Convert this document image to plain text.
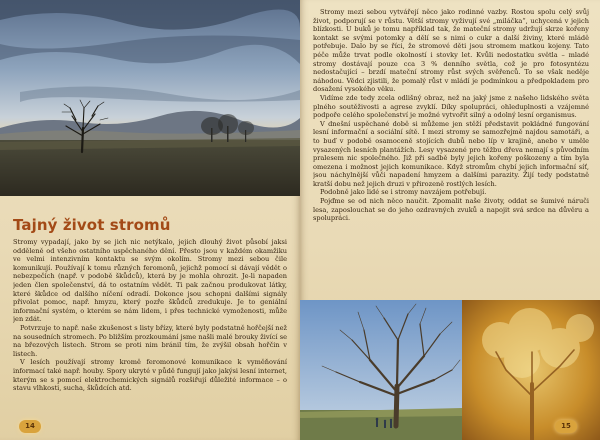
Tajný život stromů

Stromy vypadají, jako by se jich nic netýkalo, jejich dlouhý život působí jaksi odděleně od všeho ostatního uspěchaného dění. Přesto jsou v každém okamžiku ve velmi intenzivním kontaktu se svým okolím. Stromy mezi sebou čile komunikují. Používají k tomu různých feromonů, jejichž pomocí si dávají vědět o nebezpečích (např. v podobě škůdců), která by je mohla ohrozit. Je-li napaden jeden člen společenství, dá to ostatním vědět. Ti pak začnou produkovat látky, které škůdce od dalšího níčení odradí. Dokonce jsou schopni dalšími signály přivolat pomoc, např. hmyzu, který pozře škůdců zredukuje. Je to geniální informační systém, o kterém se nám lidem, i přes technické vymoženosti, může jen zdát.

Potvrzuje to např. naše zkušenost s listy břízy, které byly podstatně hořčejší než na sousedních stromech. Po bližším prozkoumání jsme našli malé brouky živící se na březových listech. Strom se proti nim bránil tím, že zvýšil obsah hořčin v listech.

V lesích používají stromy kromě feromonové komunikace k vyměňování informací také např. houby. Spory ukryté v půdě fungují jako jakýsi lesní internet, kterým se s pomocí elektrochemických signálů rozšiřují důležité informace – o stavu vlhkosti, sucha, škůdcích atd.

14

Stromy mezi sebou vytvářejí něco jako rodinné vazby. Rostou spolu celý svůj život, podporují se v růstu. Větší stromy vyživují své „miláčka“, uchycená v jejich blízkosti. U buků je tomu například tak, že mateční stromy udržují skrze kořeny kontakt se svými potomky a dělí se s nimi o cukr a další živiny, které mládě potřebuje. Dalo by se říci, že stromové děti jsou stromem matkou kojeny. Tato péče může trvat podle okolností i stovky let. Kvůli nedostatku světla – mladé stromy dostávají pouze cca 3 % denního světla, což je pro fotosyntézu nedostačující – brzdí mateční stromy růst svých svěřenců. To se však neděje náhodou. Vědci zjistili, že pomalý růst v mládí je podmínkou a předpokladem pro dosažení vysokého věku.

Vidíme zde tedy zcela odlišný obraz, než na jaký jsme z našeho lidského světa plného soutěživosti a agrese zvyklí. Díky spolupráci, ohleduplnosti a vzájemné podpoře celého společenství je možné vytvořit silný a odolný lesní organismus.

V dnešní uspěchané době si můžeme jen stěží představit pokládné fungování lesní informační a sociální sítě. I mezi stromy se samozřejmě najdou samotáři, a to buď v podobě osamoceně stojících dubů nebo líp v krajině, anebo v uměle vysazených lesních plantážích. Lesy vysazené pro těžbu dřeva nemají s původním pralesem nic společného. Již při sadbě byly jejich kořeny poškozeny a tím byla omezena i možnost jejich komunikace. Když stromům chybí jejich informační síť, jsou náchylnější vůči napadení hmyzem a dalšími parazity. Žijí tedy podstatně kratší dobu než jejich druzi v přirozeně rostlých lesích.

Podobně jako lidé se i stromy navzájem potřebují.

Pojďme se od nich něco naučit. Zpomalit naše životy, oddat se šumivé náruči lesa, zaposlouchat se do jeho ozdravných zvuků a napojit svá srdce na důvěru a spolupráci.

15
